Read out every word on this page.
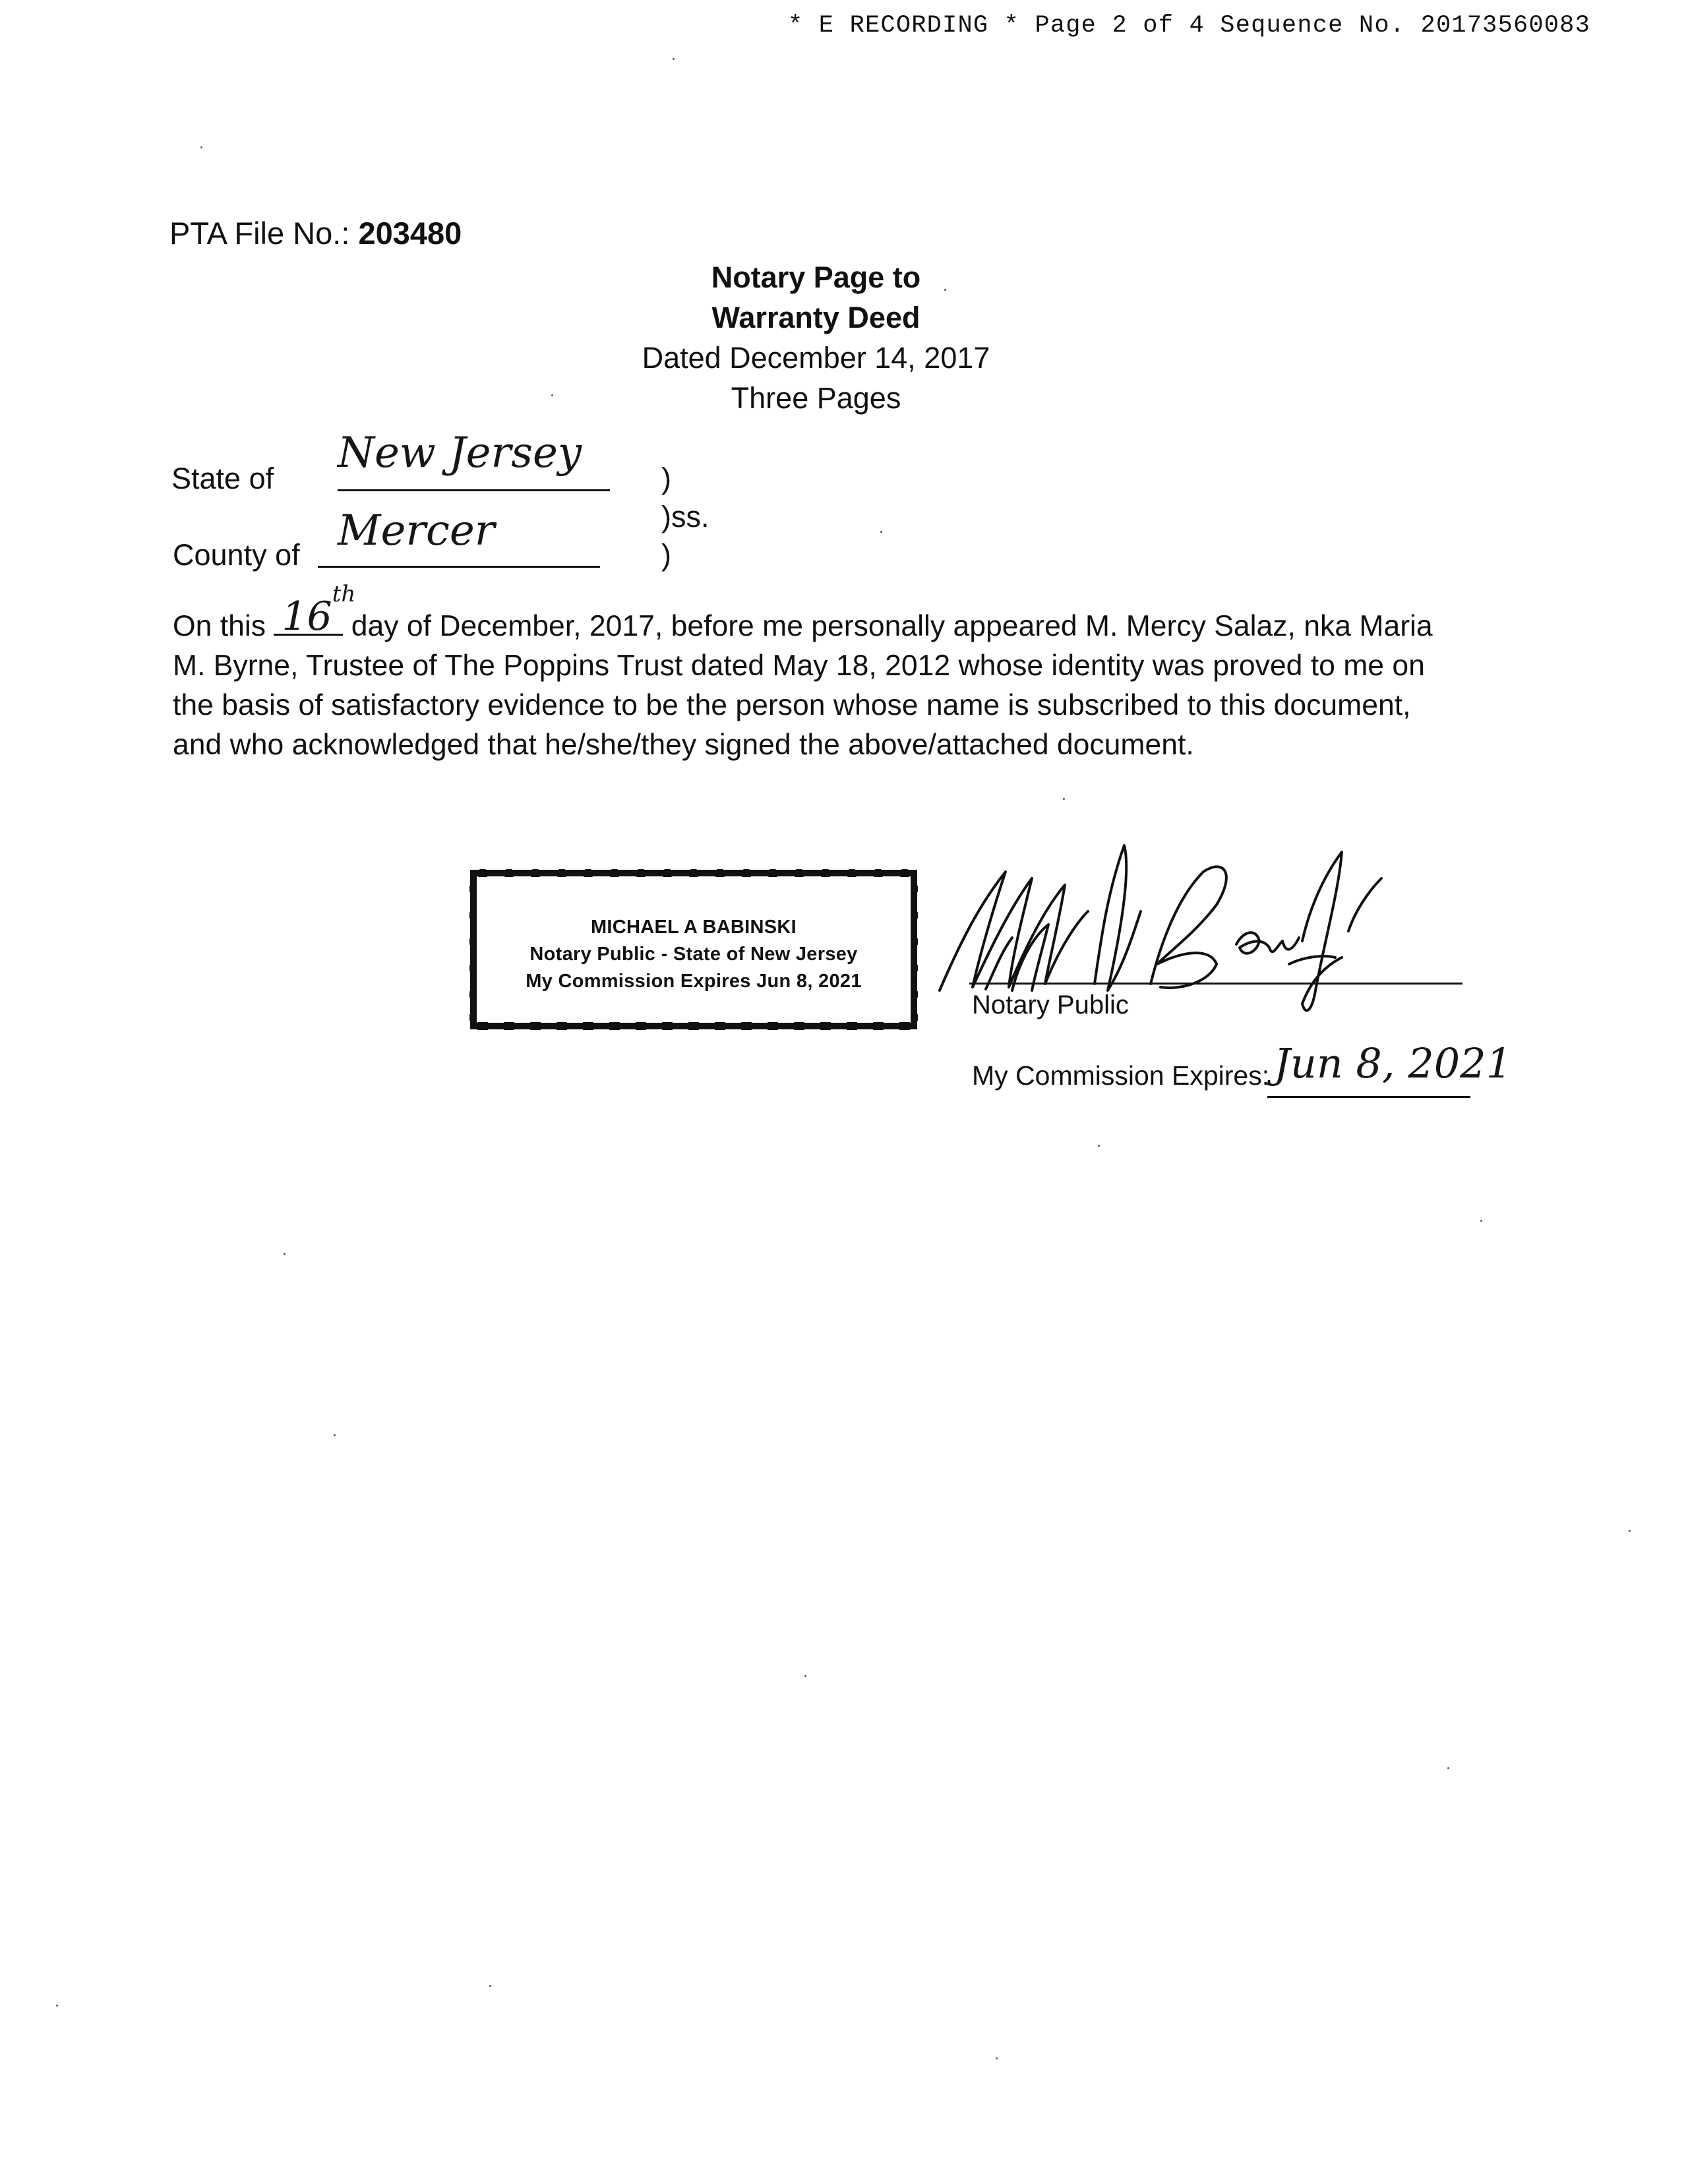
* E RECORDING * Page 2 of 4 Sequence No. 20173560083
PTA File No.: 203480
Notary Page to
Warranty Deed
Dated December 14, 2017
Three Pages
State of
New Jersey
)
)ss.
County of Mercer	)

On this 16th
day of December, 2017, before me personally appeared M. Mercy Salaz, nka Maria

M. Byrne, Trustee of The Poppins Trust dated May 18, 2012 whose identity was proved to me on

the basis of satisfactory evidence to be the person whose name is subscribed to this document,

and who acknowledged that he/she/they signed the above/attached document.

MICHAEL A BABINSKI
Notary Public - State of New Jersey
My Commission Expires Jun 8, 2021
Notary Public
My Commission Expires: Jun 8, 2021
